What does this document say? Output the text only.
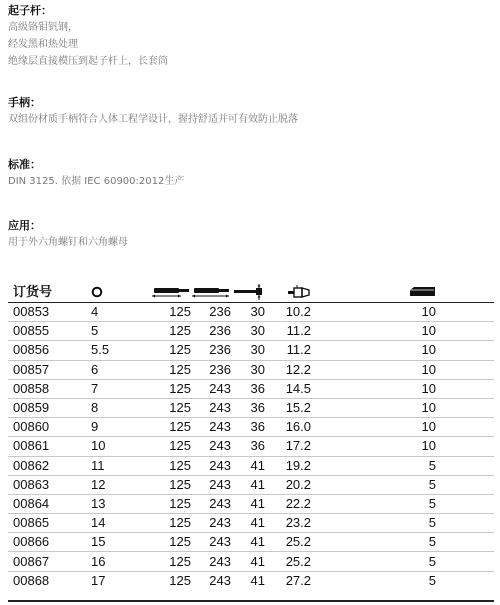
起子杆：
高级铬钼钒钢，
经发黑和热处理
绝缘层直接模压到起子杆上，长套筒
手柄：
双组份材质手柄符合人体工程学设计，握持舒适并可有效防止脱落
标准：
DIN 3125. 依据 IEC 60900:2012生产
应用：
用于外六角螺钉和六角螺母
订货号						
00853	4	125	236	30	10.2	10
00855	5	125	236	30	11.2	10
00856	5.5	125	236	30	11.2	10
00857	6	125	236	30	12.2	10
00858	7	125	243	36	14.5	10
00859	8	125	243	36	15.2	10
00860	9	125	243	36	16.0	10
00861	10	125	243	36	17.2	10
00862	11	125	243	41	19.2	5
00863	12	125	243	41	20.2	5
00864	13	125	243	41	22.2	5
00865	14	125	243	41	23.2	5
00866	15	125	243	41	25.2	5
00867	16	125	243	41	25.2	5
00868	17	125	243	41	27.2	5
